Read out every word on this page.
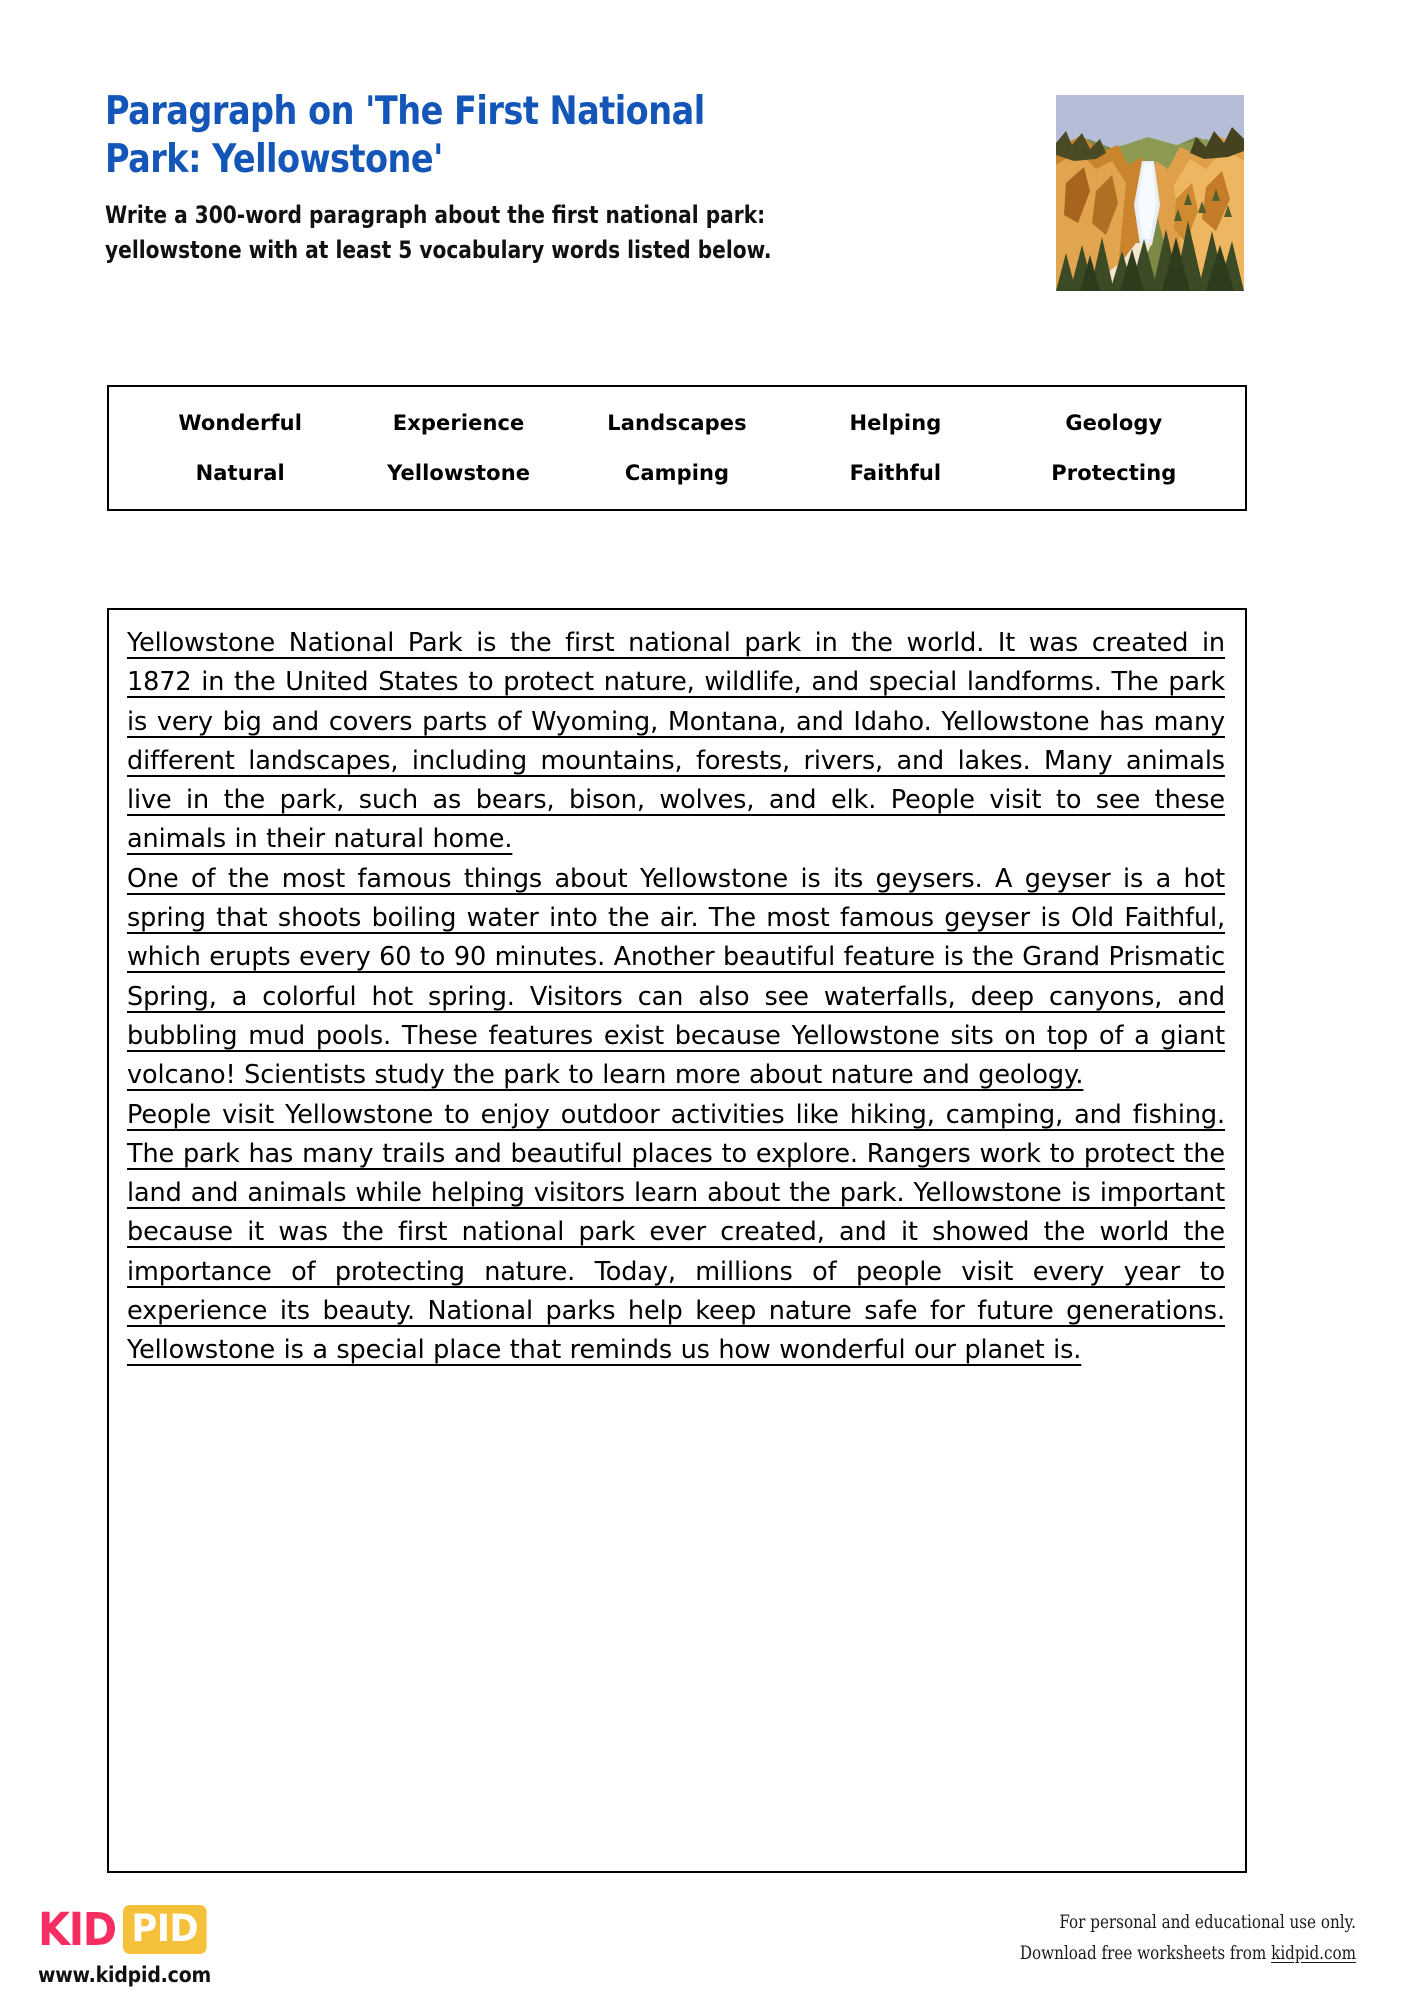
Paragraph on 'The First National Park: Yellowstone'
Write a 300-word paragraph about the first national park: yellowstone with at least 5 vocabulary words listed below.
Wonderful	Experience	Landscapes	Helping	Geology
Natural	Yellowstone	Camping	Faithful	Protecting

Yellowstone National Park is the first national park in the world. It was created in 1872 in the United States to protect nature, wildlife, and special landforms. The park is very big and covers parts of Wyoming, Montana, and Idaho. Yellowstone has many different landscapes, including mountains, forests, rivers, and lakes. Many animals live in the park, such as bears, bison, wolves, and elk. People visit to see these animals in their natural home.

One of the most famous things about Yellowstone is its geysers. A geyser is a hot spring that shoots boiling water into the air. The most famous geyser is Old Faithful, which erupts every 60 to 90 minutes. Another beautiful feature is the Grand Prismatic Spring, a colorful hot spring. Visitors can also see waterfalls, deep canyons, and bubbling mud pools. These features exist because Yellowstone sits on top of a giant volcano! Scientists study the park to learn more about nature and geology.

People visit Yellowstone to enjoy outdoor activities like hiking, camping, and fishing. The park has many trails and beautiful places to explore. Rangers work to protect the land and animals while helping visitors learn about the park. Yellowstone is important because it was the first national park ever created, and it showed the world the importance of protecting nature. Today, millions of people visit every year to experience its beauty. National parks help keep nature safe for future generations. Yellowstone is a special place that reminds us how wonderful our planet is.

KID PID
www.kidpid.com
For personal and educational use only.
Download free worksheets from kidpid.com
